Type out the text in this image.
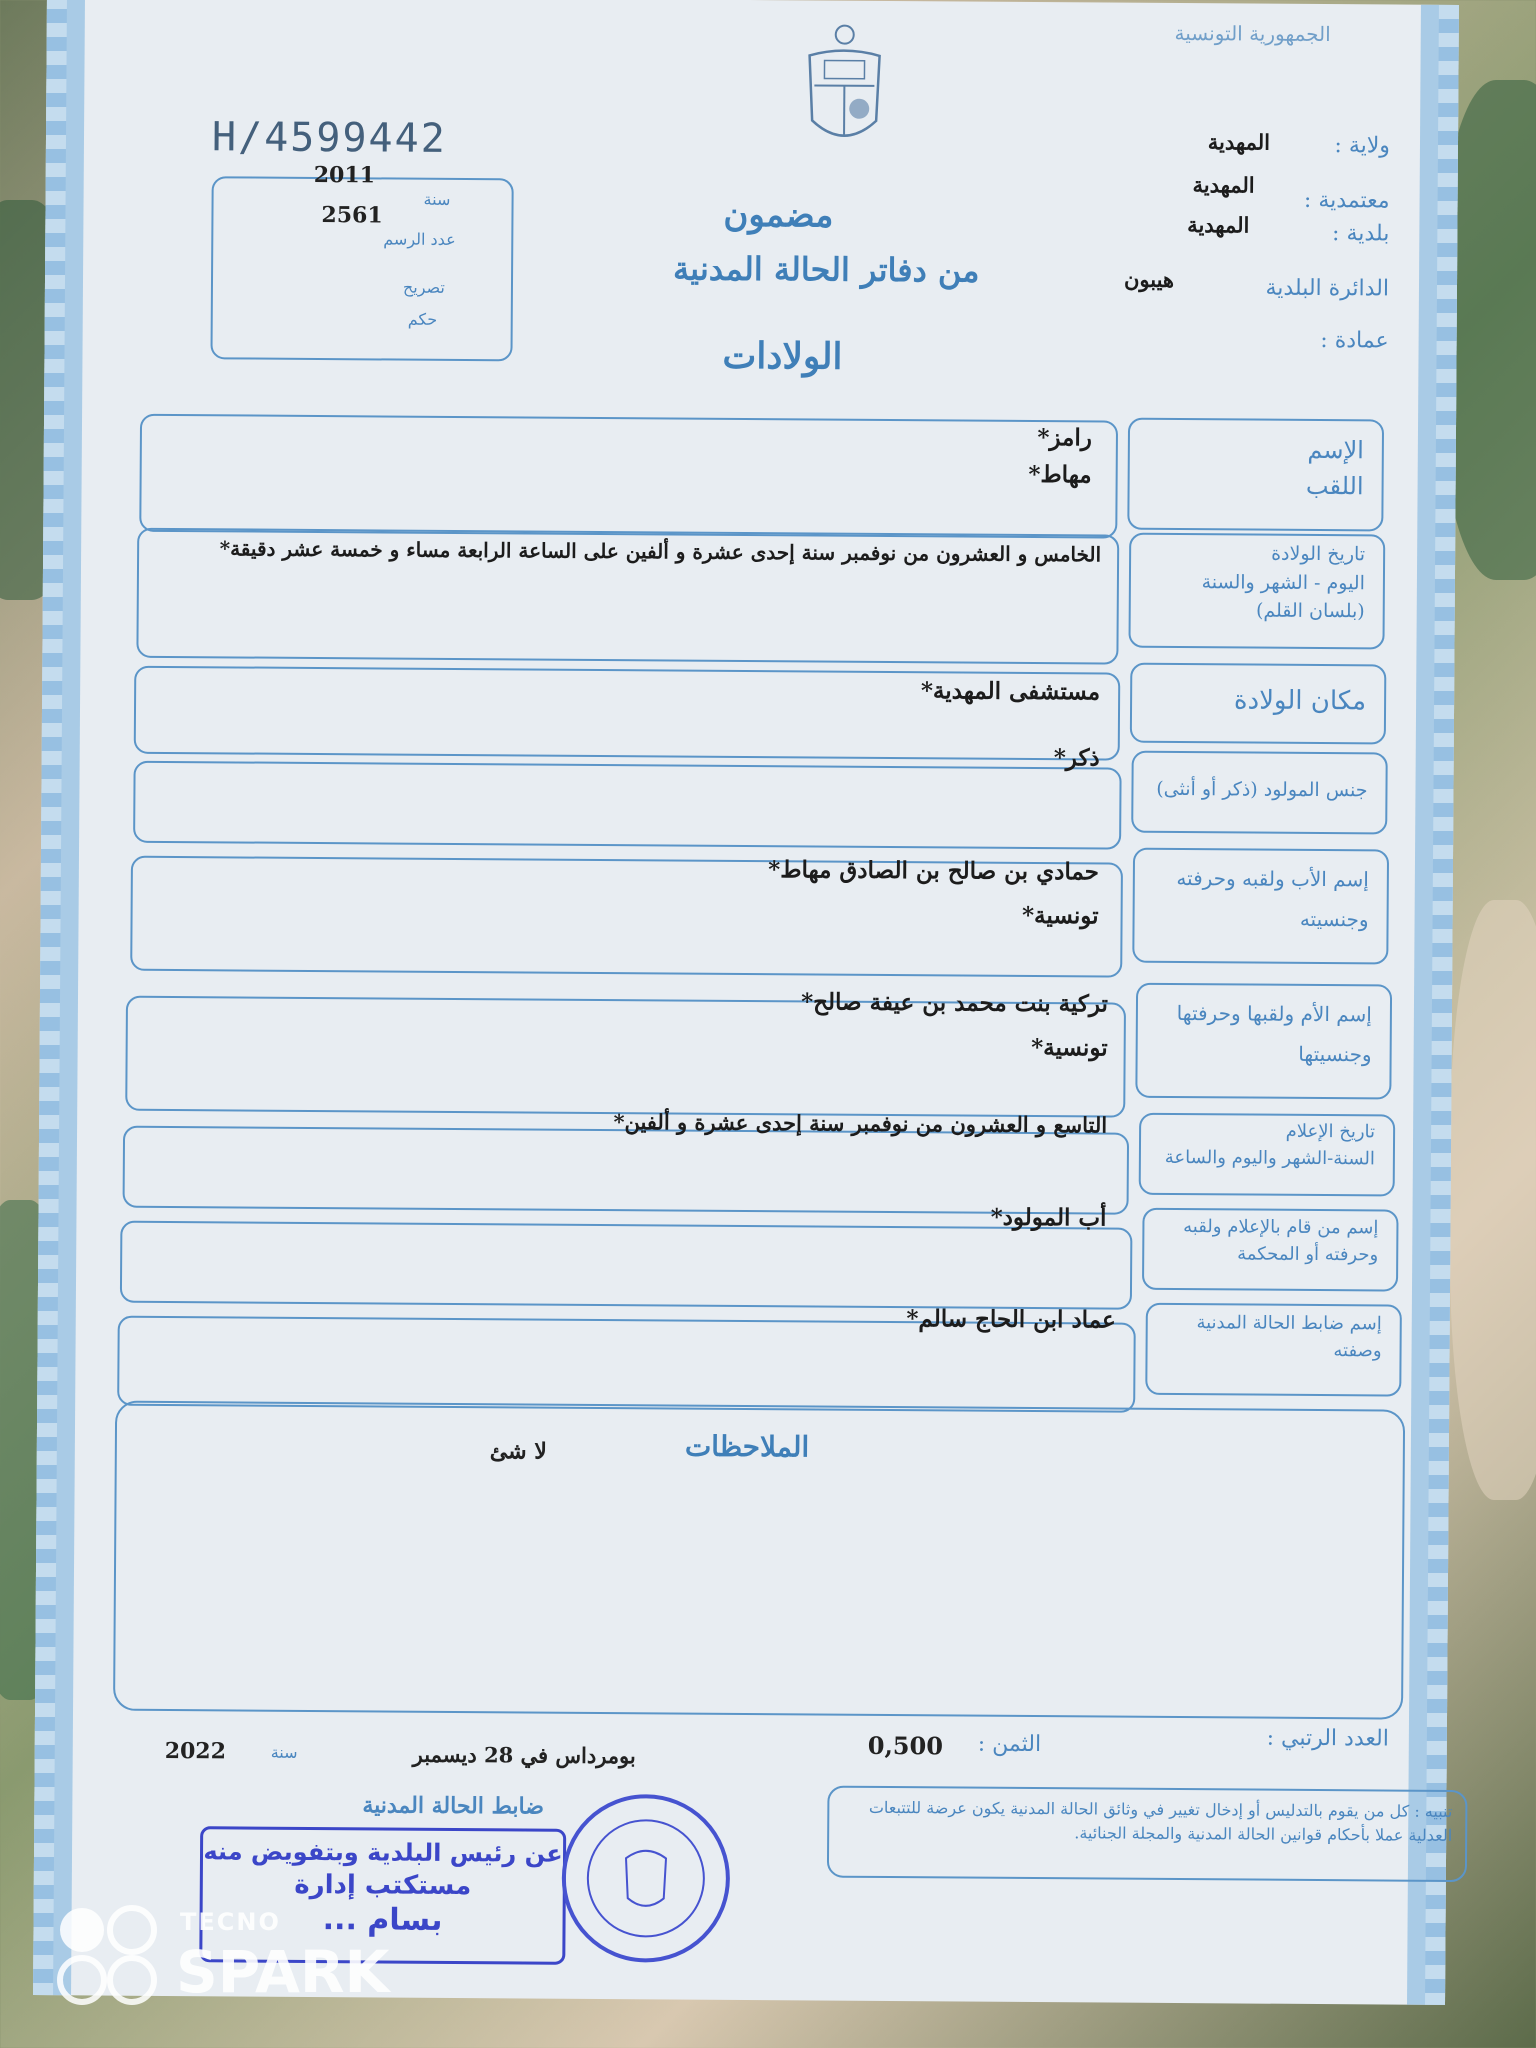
الجمهورية التونسية
H/4599442
2011
2561
سنة
عدد الرسم
تصريح
حكم
مضمون
من دفاتر الحالة المدنية
الولادات
ولاية :
المهدية
معتمدية :
المهدية
بلدية :
المهدية
الدائرة البلدية
هيبون
عمادة :
الإسم
اللقب
رامز*
مهاط*
تاريخ الولادة
اليوم - الشهر والسنة
(بلسان القلم)
الخامس و العشرون من نوفمبر سنة إحدى عشرة و ألفين على الساعة الرابعة مساء و خمسة عشر دقيقة*
مكان الولادة
مستشفى المهدية*
جنس المولود (ذكر أو أنثى)
ذكر*
إسم الأب ولقبه وحرفته
وجنسيته
حمادي بن صالح بن الصادق مهاط*
تونسية*
إسم الأم ولقبها وحرفتها
وجنسيتها
تركية بنت محمد بن عيفة صالح*
تونسية*
تاريخ الإعلام
السنة-الشهر واليوم والساعة
التاسع و العشرون من نوفمبر سنة إحدى عشرة و ألفين*
إسم من قام بالإعلام ولقبه
وحرفته أو المحكمة
أب المولود*
إسم ضابط الحالة المدنية
وصفته
عماد ابن الحاج سالم*
الملاحظات
لا شئ
العدد الرتبي :
الثمن :
0,500
بومرداس في 28 ديسمبر
سنة
2022
ضابط الحالة المدنية	تنبيه : كل من يقوم بالتدليس أو إدخال تغيير في وثائق الحالة المدنية يكون عرضة للتتبعات العدلية عملا بأحكام قوانين الحالة المدنية والمجلة الجنائية.
عن رئيس البلدية وبتفويض منه
مستكتب إدارة
بسام ...
TECNO
SPARK
